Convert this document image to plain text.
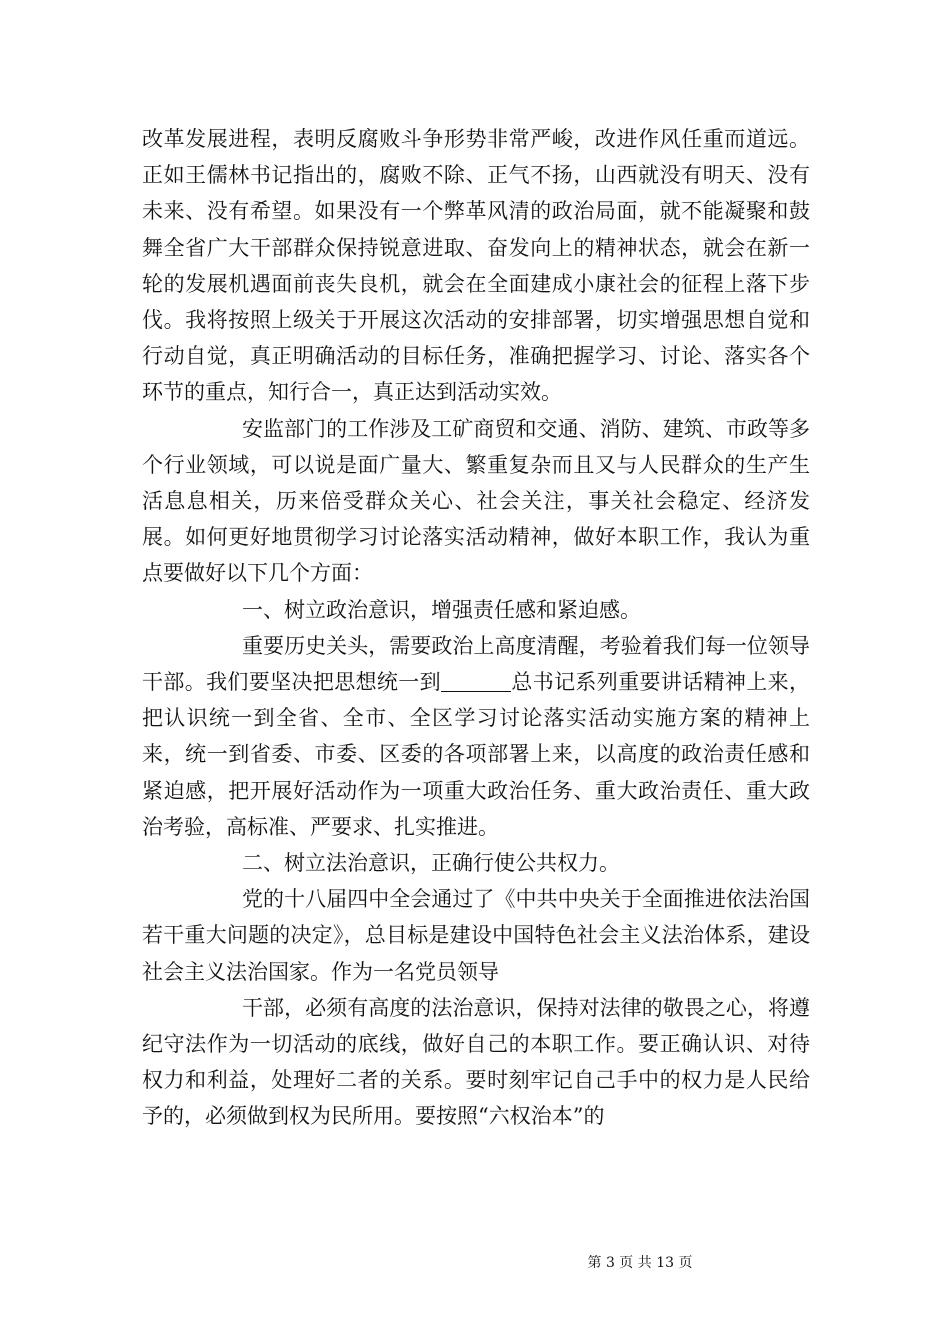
改革发展进程，表明反腐败斗争形势非常严峻，改进作风任重而道远。正如王儒林书记指出的，腐败不除、正气不扬，山西就没有明天、没有未来、没有希望。如果没有一个弊革风清的政治局面，就不能凝聚和鼓舞全省广大干部群众保持锐意进取、奋发向上的精神状态，就会在新一轮的发展机遇面前丧失良机，就会在全面建成小康社会的征程上落下步伐。我将按照上级关于开展这次活动的安排部署，切实增强思想自觉和行动自觉，真正明确活动的目标任务，准确把握学习、讨论、落实各个环节的重点，知行合一，真正达到活动实效。

安监部门的工作涉及工矿商贸和交通、消防、建筑、市政等多个行业领域，可以说是面广量大、繁重复杂而且又与人民群众的生产生活息息相关，历来倍受群众关心、社会关注，事关社会稳定、经济发展。如何更好地贯彻学习讨论落实活动精神，做好本职工作，我认为重点要做好以下几个方面：

一、树立政治意识，增强责任感和紧迫感。

重要历史关头，需要政治上高度清醒，考验着我们每一位领导干部。我们要坚决把思想统一到	总书记系列重要讲话精神上来，把认识统一到全省、全市、全区学习讨论落实活动实施方案的精神上来，统一到省委、市委、区委的各项部署上来，以高度的政治责任感和紧迫感，把开展好活动作为一项重大政治任务、重大政治责任、重大政治考验，高标准、严要求、扎实推进。

二、树立法治意识，正确行使公共权力。

党的十八届四中全会通过了《中共中央关于全面推进依法治国若干重大问题的决定》，总目标是建设中国特色社会主义法治体系，建设社会主义法治国家。作为一名党员领导

干部，必须有高度的法治意识，保持对法律的敬畏之心，将遵纪守法作为一切活动的底线，做好自己的本职工作。要正确认识、对待权力和利益，处理好二者的关系。要时刻牢记自己手中的权力是人民给予的，必须做到权为民所用。要按照“六权治本”的

第 3 页 共 13 页
